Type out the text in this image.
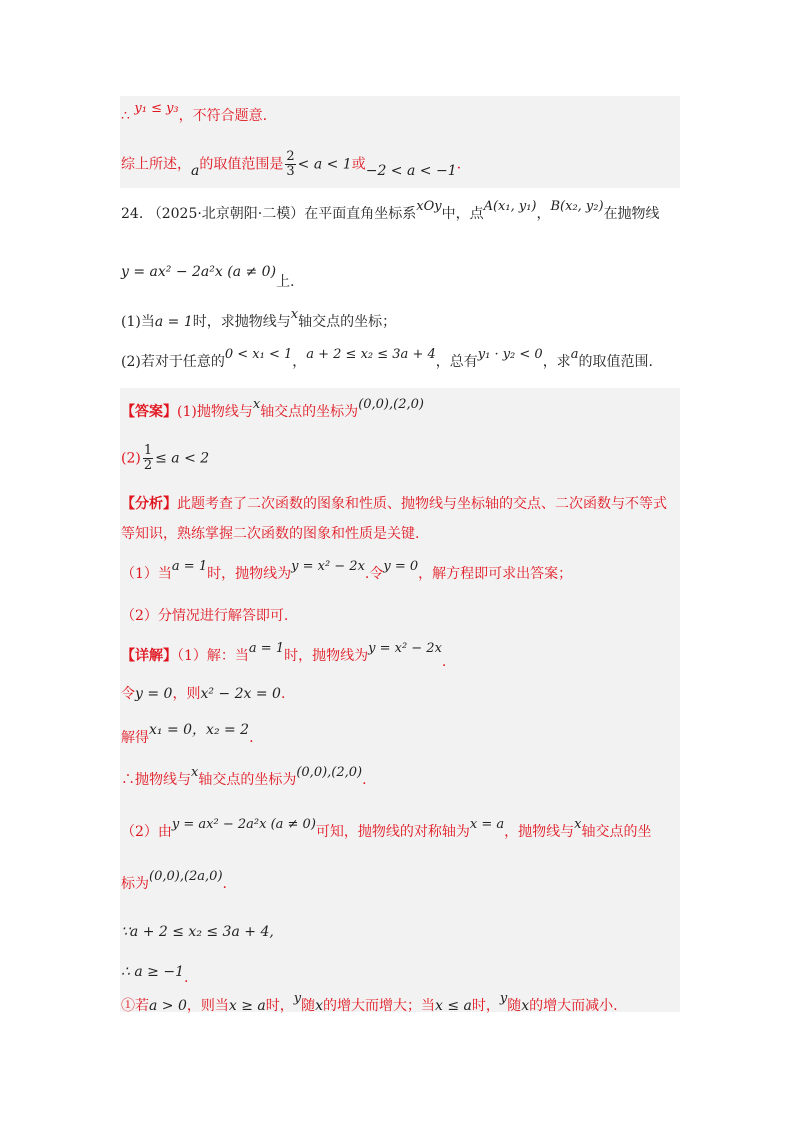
∴ y₁ ≤ y₃，不符合题意.
综上所述，a的取值范围是 $\frac{2}{3} < a < 1$或−2 < a < −1.
24. （2025·北京朝阳·二模）在平面直角坐标系xOy中，点A(x₁, y₁)，B(x₂, y₂)在抛物线
y = ax² − 2a²x (a ≠ 0)上.
(1)当a = 1时，求抛物线与x轴交点的坐标；
(2)若对于任意的0 < x₁ < 1，a + 2 ≤ x₂ ≤ 3a + 4，总有y₁ · y₂ < 0，求a的取值范围.
【答案】(1)抛物线与x轴交点的坐标为(0,0),(2,0)
$(2) \frac{1}{2} \le a < 2$
【分析】此题考查了二次函数的图象和性质、抛物线与坐标轴的交点、二次函数与不等式
等知识，熟练掌握二次函数的图象和性质是关键.
（1）当a = 1时，抛物线为y = x² − 2x.令y = 0，解方程即可求出答案；
（2）分情况进行解答即可.
【详解】（1）解：当a = 1时，抛物线为y = x² − 2x.
令y = 0，则x² − 2x = 0.
解得x₁ = 0，x₂ = 2.
∴抛物线与x轴交点的坐标为(0,0),(2,0).
（2）由y = ax² − 2a²x (a ≠ 0)可知，抛物线的对称轴为x = a，抛物线与x轴交点的坐
标为(0,0),(2a,0).
∵a + 2 ≤ x₂ ≤ 3a + 4,
∴ a ≥ −1.
①若a > 0，则当x ≥ a时，y随x的增大而增大；当x ≤ a时，y随x的增大而减小.
